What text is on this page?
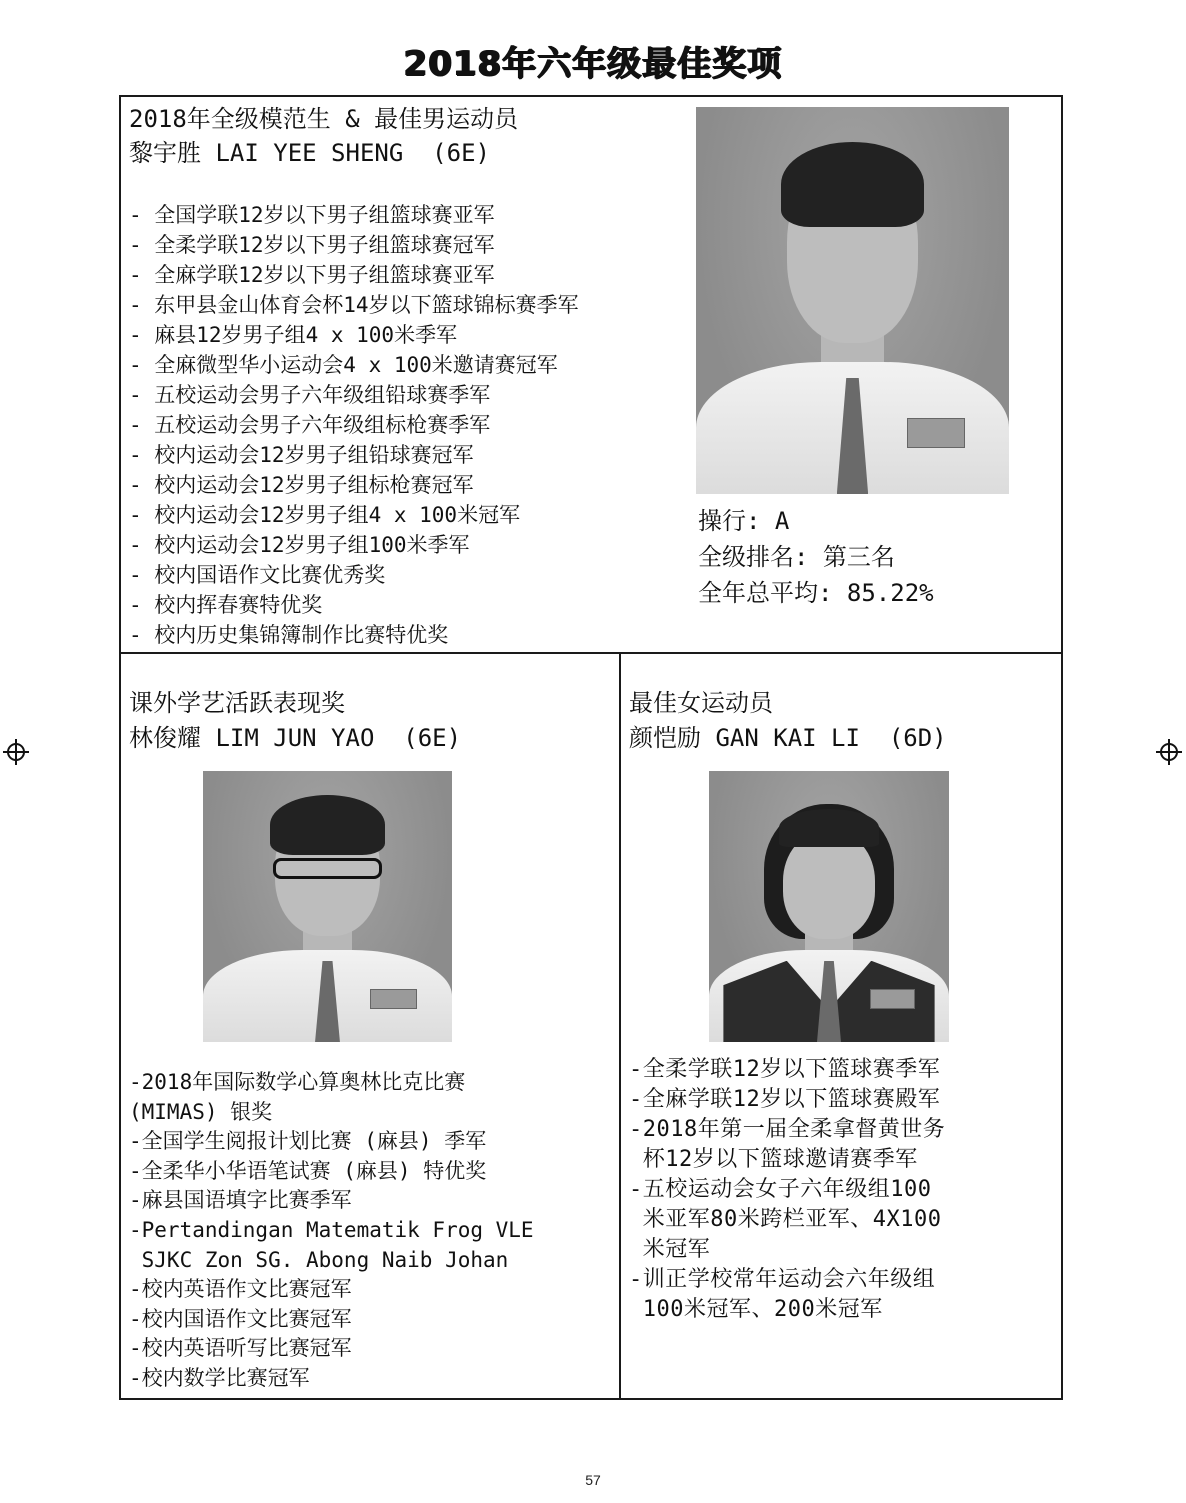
2018年六年级最佳奖项
2018年全级模范生 & 最佳男运动员
黎宇胜 LAI YEE SHENG  (6E)
- 全国学联12岁以下男子组篮球赛亚军
- 全柔学联12岁以下男子组篮球赛冠军
- 全麻学联12岁以下男子组篮球赛亚军
- 东甲县金山体育会杯14岁以下篮球锦标赛季军
- 麻县12岁男子组4 x 100米季军
- 全麻微型华小运动会4 x 100米邀请赛冠军
- 五校运动会男子六年级组铅球赛季军
- 五校运动会男子六年级组标枪赛季军
- 校内运动会12岁男子组铅球赛冠军
- 校内运动会12岁男子组标枪赛冠军
- 校内运动会12岁男子组4 x 100米冠军
- 校内运动会12岁男子组100米季军
- 校内国语作文比赛优秀奖
- 校内挥春赛特优奖
- 校内历史集锦簿制作比赛特优奖
操行: A
全级排名: 第三名
全年总平均: 85.22%
课外学艺活跃表现奖
林俊耀 LIM JUN YAO  (6E)
-2018年国际数学心算奥林比克比赛
(MIMAS) 银奖
-全国学生阅报计划比赛 (麻县) 季军
-全柔华小华语笔试赛 (麻县) 特优奖
-麻县国语填字比赛季军
-Pertandingan Matematik Frog VLE
SJKC Zon SG. Abong Naib Johan
-校内英语作文比赛冠军
-校内国语作文比赛冠军
-校内英语听写比赛冠军
-校内数学比赛冠军
最佳女运动员
颜恺励 GAN KAI LI  (6D)
-全柔学联12岁以下篮球赛季军
-全麻学联12岁以下篮球赛殿军
-2018年第一届全柔拿督黄世务
杯12岁以下篮球邀请赛季军
-五校运动会女子六年级组100
米亚军80米跨栏亚军、4X100
米冠军
-训正学校常年运动会六年级组
100米冠军、200米冠军
57
